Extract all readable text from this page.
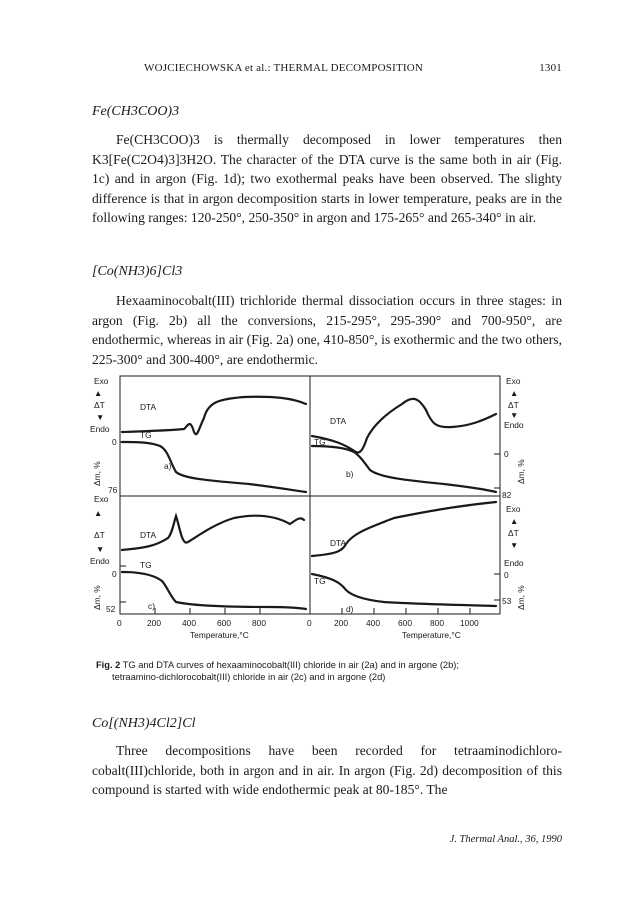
WOJCIECHOWSKA et al.: THERMAL DECOMPOSITION	1301
Fe(CH3COO)3

Fe(CH3COO)3 is thermally decomposed in lower temperatures then K3[Fe(C2O4)3]3H2O. The character of the DTA curve is the same both in air (Fig. 1c) and in argon (Fig. 1d); two exothermal peaks have been observed. The slighty difference is that in argon decomposition starts in lower temperature, peaks are in the following ranges: 120-250°, 250-350° in argon and 175-265° and 265-340° in air.

[Co(NH3)6]Cl3

Hexaaminocobalt(III) trichloride thermal dissociation occurs in three stages: in argon (Fig. 2b) all the conversions, 215-295°, 295-390° and 700-950°, are endothermic, whereas in air (Fig. 2a) one, 410-850°, is exothermic and the two others, 225-300° and 300-400°, are endothermic.

Exo
▲
ΔT
▼
Endo
0
76
Exo
▲
ΔT
▼
Endo
0
52
Δm, %
Δm, %
Exo
▲
ΔT
▼
Endo
0
82
Exo
▲
ΔT
▼
Endo
0
53
Δm, %
Δm, %
DTA
TG
a)
DTA
TG
b)
DTA
TG
c)
DTA
TG
d)
0	200	400	600	800	0	200 400 600 800 1000
Temperature,°C	Temperature,°C
Fig. 2 TG and DTA curves of hexaaminocobalt(III) chloride in air (2a) and in argone (2b);
tetraamino-dichlorocobalt(III) chloride in air (2c) and in argone (2d)
Co[(NH3)4Cl2]Cl

Three decompositions have been recorded for tetraaminodichloro-cobalt(III)chloride, both in argon and in air. In argon (Fig. 2d) decomposition of this compound is started with wide endothermic peak at 80-185°. The

J. Thermal Anal., 36, 1990
